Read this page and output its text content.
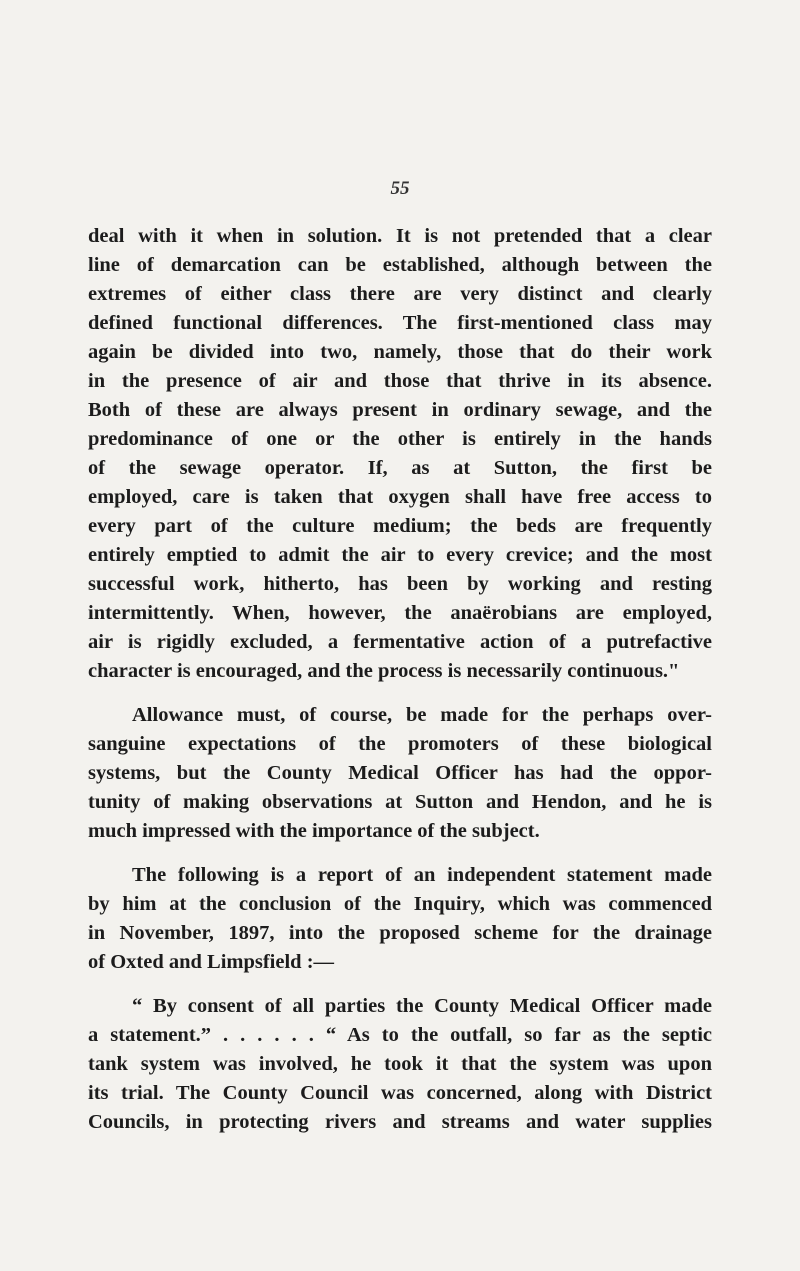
55
deal with it when in solution. It is not pretended that a clear
line of demarcation can be established, although between the
extremes of either class there are very distinct and clearly
defined functional differences. The first-mentioned class may
again be divided into two, namely, those that do their work
in the presence of air and those that thrive in its absence.
Both of these are always present in ordinary sewage, and the
predominance of one or the other is entirely in the hands
of the sewage operator. If, as at Sutton, the first be
employed, care is taken that oxygen shall have free access to
every part of the culture medium; the beds are frequently
entirely emptied to admit the air to every crevice; and the most
successful work, hitherto, has been by working and resting
intermittently. When, however, the anaërobians are employed,
air is rigidly excluded, a fermentative action of a putrefactive
character is encouraged, and the process is necessarily continuous."
Allowance must, of course, be made for the perhaps over-
sanguine expectations of the promoters of these biological
systems, but the County Medical Officer has had the oppor-
tunity of making observations at Sutton and Hendon, and he is
much impressed with the importance of the subject.
The following is a report of an independent statement made
by him at the conclusion of the Inquiry, which was commenced
in November, 1897, into the proposed scheme for the drainage
of Oxted and Limpsfield :—
“ By consent of all parties the County Medical Officer made
a statement.” . . . . . . “ As to the outfall, so far as the septic
tank system was involved, he took it that the system was upon
its trial. The County Council was concerned, along with District
Councils, in protecting rivers and streams and water supplies
